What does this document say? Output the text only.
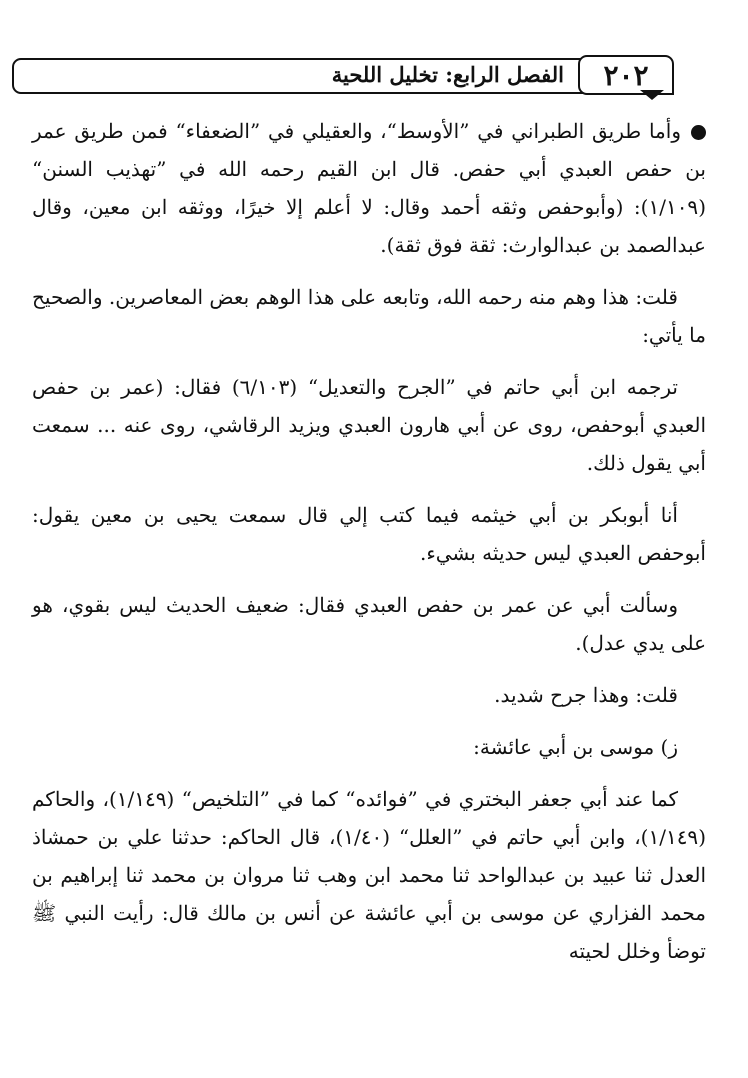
٢٠٢
الفصل الرابع: تخليل اللحية

وأما طريق الطبراني في ”الأوسط“، والعقيلي في ”الضعفاء“ فمن طريق عمر بن حفص العبدي أبي حفص. قال ابن القيم رحمه الله في ”تهذيب السنن“ (١/١٠٩): (وأبوحفص وثقه أحمد وقال: لا أعلم إلا خيرًا، ووثقه ابن معين، وقال عبدالصمد بن عبدالوارث: ثقة فوق ثقة).

قلت: هذا وهم منه رحمه الله، وتابعه على هذا الوهم بعض المعاصرين. والصحيح ما يأتي:

ترجمه ابن أبي حاتم في ”الجرح والتعديل“ (٦/١٠٣) فقال: (عمر بن حفص العبدي أبوحفص، روى عن أبي هارون العبدي ويزيد الرقاشي، روى عنه ... سمعت أبي يقول ذلك.

أنا أبوبكر بن أبي خيثمه فيما كتب إلي قال سمعت يحيى بن معين يقول: أبوحفص العبدي ليس حديثه بشيء.

وسألت أبي عن عمر بن حفص العبدي فقال: ضعيف الحديث ليس بقوي، هو على يدي عدل).

قلت: وهذا جرح شديد.

ز) موسى بن أبي عائشة:

كما عند أبي جعفر البختري في ”فوائده“ كما في ”التلخيص“ (١/١٤٩)، والحاكم (١/١٤٩)، وابن أبي حاتم في ”العلل“ (١/٤٠)، قال الحاكم: حدثنا علي بن حمشاذ العدل ثنا عبيد بن عبدالواحد ثنا محمد ابن وهب ثنا مروان بن محمد ثنا إبراهيم بن محمد الفزاري عن موسى بن أبي عائشة عن أنس بن مالك قال: رأيت النبي ﷺ توضأ وخلل لحيته
